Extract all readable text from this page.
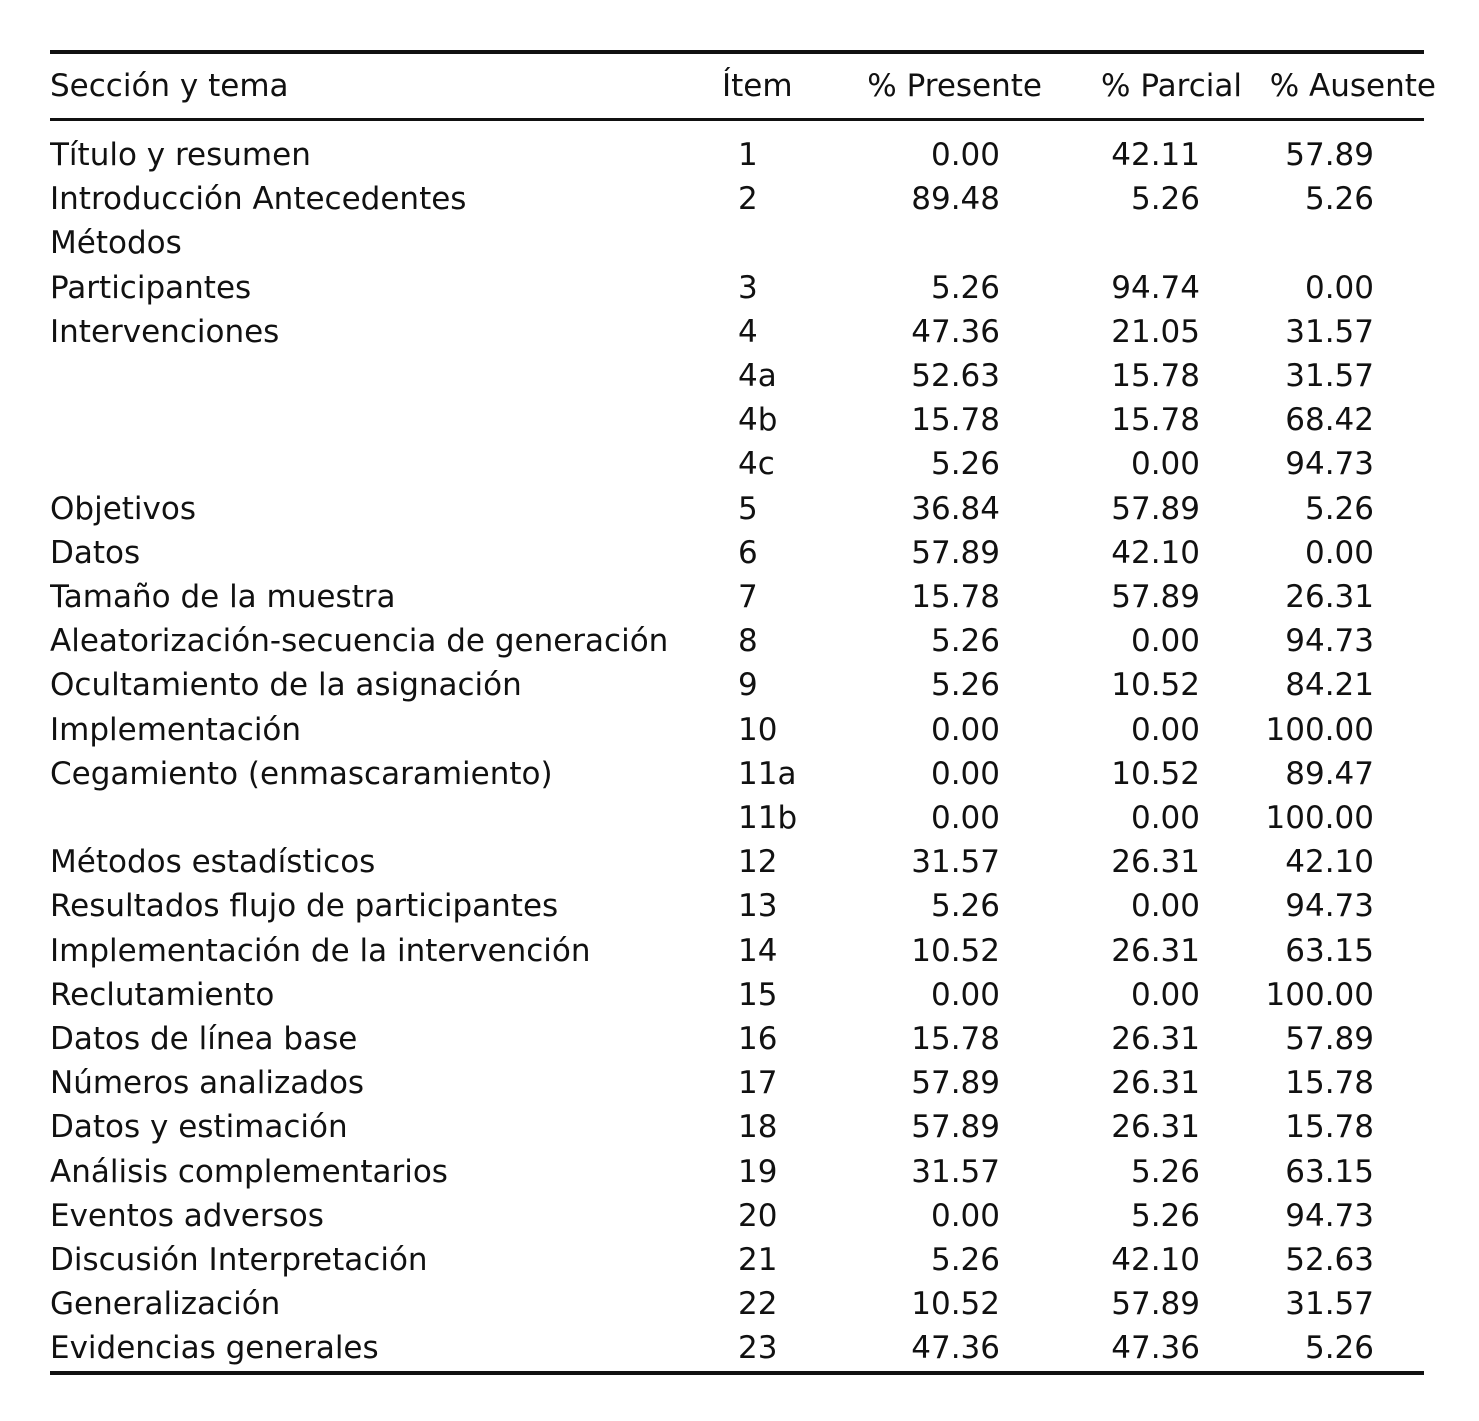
Sección y tema	Ítem	% Presente	% Parcial	% Ausente
Título y resumen	1	0.00	42.11	57.89
Introducción Antecedentes	2	89.48	5.26	5.26
Métodos				
Participantes	3	5.26	94.74	0.00
Intervenciones	4	47.36	21.05	31.57
	4a	52.63	15.78	31.57
	4b	15.78	15.78	68.42
	4c	5.26	0.00	94.73
Objetivos	5	36.84	57.89	5.26
Datos	6	57.89	42.10	0.00
Tamaño de la muestra	7	15.78	57.89	26.31
Aleatorización-secuencia de generación	8	5.26	0.00	94.73
Ocultamiento de la asignación	9	5.26	10.52	84.21
Implementación	10	0.00	0.00	100.00
Cegamiento (enmascaramiento)	11a	0.00	10.52	89.47
	11b	0.00	0.00	100.00
Métodos estadísticos	12	31.57	26.31	42.10
Resultados flujo de participantes	13	5.26	0.00	94.73
Implementación de la intervención	14	10.52	26.31	63.15
Reclutamiento	15	0.00	0.00	100.00
Datos de línea base	16	15.78	26.31	57.89
Números analizados	17	57.89	26.31	15.78
Datos y estimación	18	57.89	26.31	15.78
Análisis complementarios	19	31.57	5.26	63.15
Eventos adversos	20	0.00	5.26	94.73
Discusión Interpretación	21	5.26	42.10	52.63
Generalización	22	10.52	57.89	31.57
Evidencias generales	23	47.36	47.36	5.26
